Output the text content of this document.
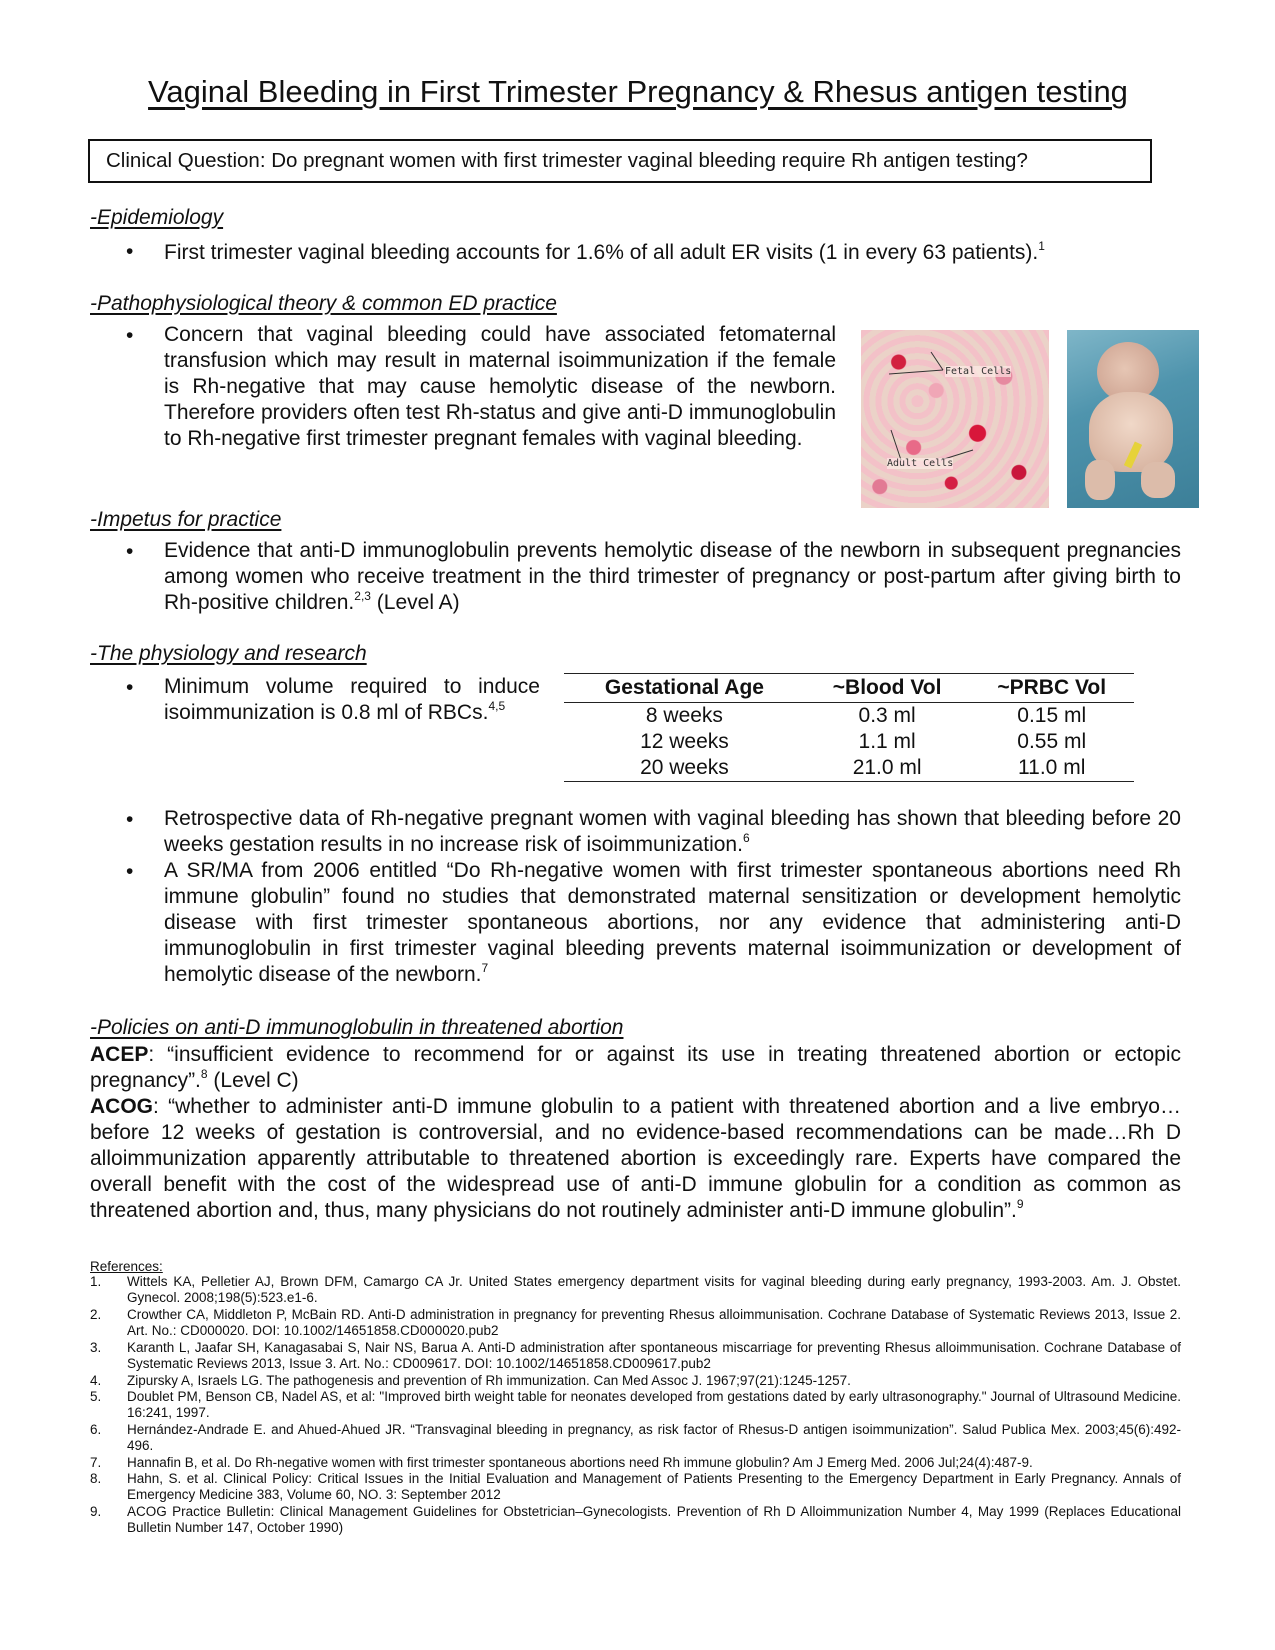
Vaginal Bleeding in First Trimester Pregnancy & Rhesus antigen testing
Clinical Question: Do pregnant women with first trimester vaginal bleeding require Rh antigen testing?
-Epidemiology
• First trimester vaginal bleeding accounts for 1.6% of all adult ER visits (1 in every 63 patients).$^1$
-Pathophysiological theory & common ED practice
• Concern that vaginal bleeding could have associated fetomaternal transfusion which may result in maternal isoimmunization if the female is Rh-negative that may cause hemolytic disease of the newborn. Therefore providers often test Rh-status and give anti-D immunoglobulin to Rh-negative first trimester pregnant females with vaginal bleeding.
Fetal Cells
Adult Cells
-Impetus for practice
• Evidence that anti-D immunoglobulin prevents hemolytic disease of the newborn in subsequent pregnancies among women who receive treatment in the third trimester of pregnancy or post-partum after giving birth to Rh-positive children.$^{2,3}$ (Level A)
-The physiology and research
• Minimum volume required to induce isoimmunization is 0.8 ml of RBCs.$^{4,5}$
Gestational Age	~Blood Vol	~PRBC Vol
8 weeks	0.3 ml	0.15 ml
12 weeks	1.1 ml	0.55 ml
20 weeks	21.0 ml	11.0 ml
• Retrospective data of Rh-negative pregnant women with vaginal bleeding has shown that bleeding before 20 weeks gestation results in no increase risk of isoimmunization.$^6$
• A SR/MA from 2006 entitled “Do Rh-negative women with first trimester spontaneous abortions need Rh immune globulin” found no studies that demonstrated maternal sensitization or development hemolytic disease with first trimester spontaneous abortions, nor any evidence that administering anti-D immunoglobulin in first trimester vaginal bleeding prevents maternal isoimmunization or development of hemolytic disease of the newborn.$^7$
-Policies on anti-D immunoglobulin in threatened abortion
ACEP: “insufficient evidence to recommend for or against its use in treating threatened abortion or ectopic pregnancy”.$^8$ (Level C)
ACOG: “whether to administer anti-D immune globulin to a patient with threatened abortion and a live embryo…before 12 weeks of gestation is controversial, and no evidence-based recommendations can be made…Rh D alloimmunization apparently attributable to threatened abortion is exceedingly rare. Experts have compared the overall benefit with the cost of the widespread use of anti-D immune globulin for a condition as common as threatened abortion and, thus, many physicians do not routinely administer anti-D immune globulin”.$^9$
References:
1. Wittels KA, Pelletier AJ, Brown DFM, Camargo CA Jr. United States emergency department visits for vaginal bleeding during early pregnancy, 1993-2003. Am. J. Obstet. Gynecol. 2008;198(5):523.e1-6.
2. Crowther CA, Middleton P, McBain RD. Anti-D administration in pregnancy for preventing Rhesus alloimmunisation. Cochrane Database of Systematic Reviews 2013, Issue 2. Art. No.: CD000020. DOI: 10.1002/14651858.CD000020.pub2
3. Karanth L, Jaafar SH, Kanagasabai S, Nair NS, Barua A. Anti-D administration after spontaneous miscarriage for preventing Rhesus alloimmunisation. Cochrane Database of Systematic Reviews 2013, Issue 3. Art. No.: CD009617. DOI: 10.1002/14651858.CD009617.pub2
4. Zipursky A, Israels LG. The pathogenesis and prevention of Rh immunization. Can Med Assoc J. 1967;97(21):1245-1257.
5. Doublet PM, Benson CB, Nadel AS, et al: "Improved birth weight table for neonates developed from gestations dated by early ultrasonography." Journal of Ultrasound Medicine. 16:241, 1997.
6. Hernández-Andrade E. and Ahued-Ahued JR. “Transvaginal bleeding in pregnancy, as risk factor of Rhesus-D antigen isoimmunization”. Salud Publica Mex. 2003;45(6):492-496.
7. Hannafin B, et al. Do Rh-negative women with first trimester spontaneous abortions need Rh immune globulin? Am J Emerg Med. 2006 Jul;24(4):487-9.
8. Hahn, S. et al. Clinical Policy: Critical Issues in the Initial Evaluation and Management of Patients Presenting to the Emergency Department in Early Pregnancy. Annals of Emergency Medicine 383, Volume 60, NO. 3: September 2012
9. ACOG Practice Bulletin: Clinical Management Guidelines for Obstetrician–Gynecologists. Prevention of Rh D Alloimmunization Number 4, May 1999 (Replaces Educational Bulletin Number 147, October 1990)
